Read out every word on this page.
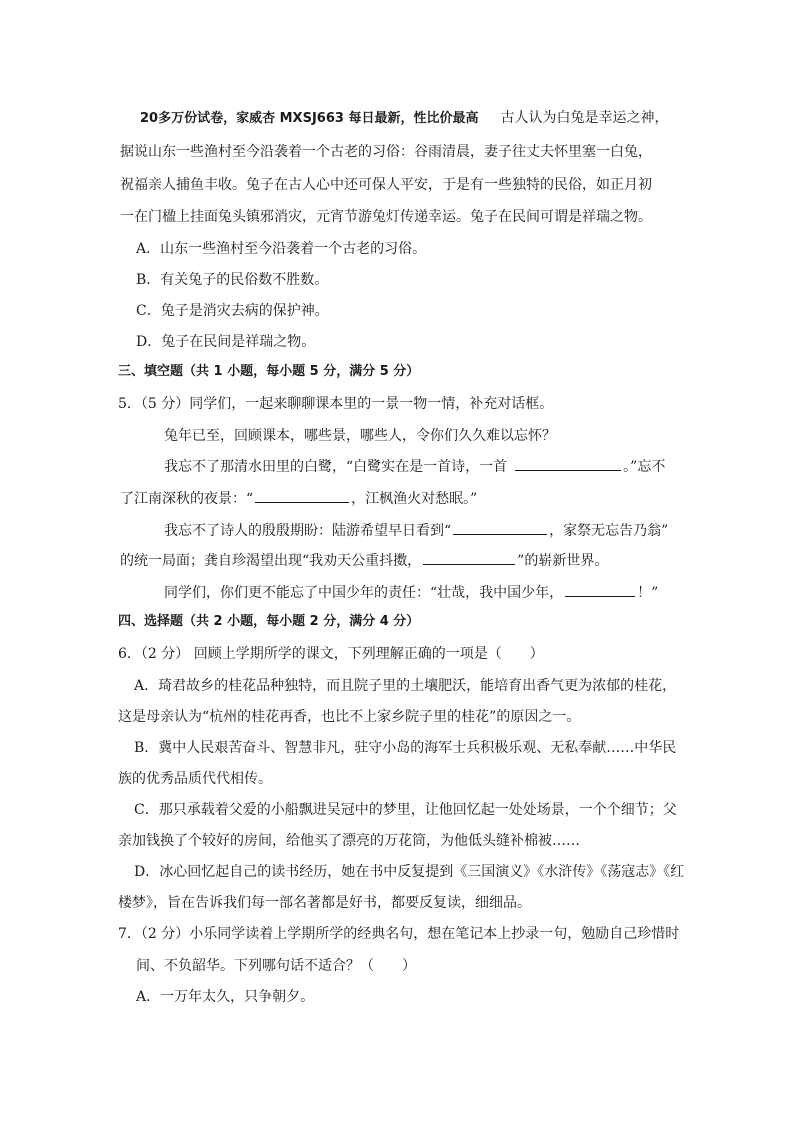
20多万份试卷，家威杏 MXSJ663 每日最新，性比价最高 古人认为白兔是幸运之神，
据说山东一些渔村至今沿袭着一个古老的习俗：谷雨清晨，妻子往丈夫怀里塞一白兔，
祝福亲人捕鱼丰收。兔子在古人心中还可保人平安，于是有一些独特的民俗，如正月初
一在门楹上挂面兔头镇邪消灾，元宵节游兔灯传递幸运。兔子在民间可谓是祥瑞之物。
A．山东一些渔村至今沿袭着一个古老的习俗。
B．有关兔子的民俗数不胜数。
C．兔子是消灾去病的保护神。
D．兔子在民间是祥瑞之物。
三、填空题（共 1 小题，每小题 5 分，满分 5 分）
5．（5 分）同学们，一起来聊聊课本里的一景一物一情，补充对话框。
兔年已至，回顾课本，哪些景，哪些人，令你们久久难以忘怀？
我忘不了那清水田里的白鹭，“白鹭实在是一首诗，一首	。”忘不
了江南深秋的夜景：“	，江枫渔火对愁眠。”
我忘不了诗人的殷殷期盼：陆游希望早日看到“	，家祭无忘告乃翁”
的统一局面；龚自珍渴望出现“我劝天公重抖擞，	”的崭新世界。
同学们，你们更不能忘了中国少年的责任：“壮哉，我中国少年，	！”
四、选择题（共 2 小题，每小题 2 分，满分 4 分）
6．（2 分） 回顾上学期所学的课文，下列理解正确的一项是（　　）
A．琦君故乡的桂花品种独特，而且院子里的土壤肥沃，能培育出香气更为浓郁的桂花，
这是母亲认为“杭州的桂花再香，也比不上家乡院子里的桂花”的原因之一。
B．冀中人民艰苦奋斗、智慧非凡，驻守小岛的海军士兵积极乐观、无私奉献……中华民
族的优秀品质代代相传。
C．那只承载着父爱的小船飘进吴冠中的梦里，让他回忆起一处处场景，一个个细节；父
亲加钱换了个较好的房间，给他买了漂亮的万花筒，为他低头缝补棉被……
D．冰心回忆起自己的读书经历，她在书中反复提到《三国演义》《水浒传》《荡寇志》《红
楼梦》，旨在告诉我们每一部名著都是好书，都要反复读，细细品。
7．（2 分）小乐同学读着上学期所学的经典名句，想在笔记本上抄录一句，勉励自己珍惜时
间、不负韶华。下列哪句话不适合？（　　）
A．一万年太久，只争朝夕。
